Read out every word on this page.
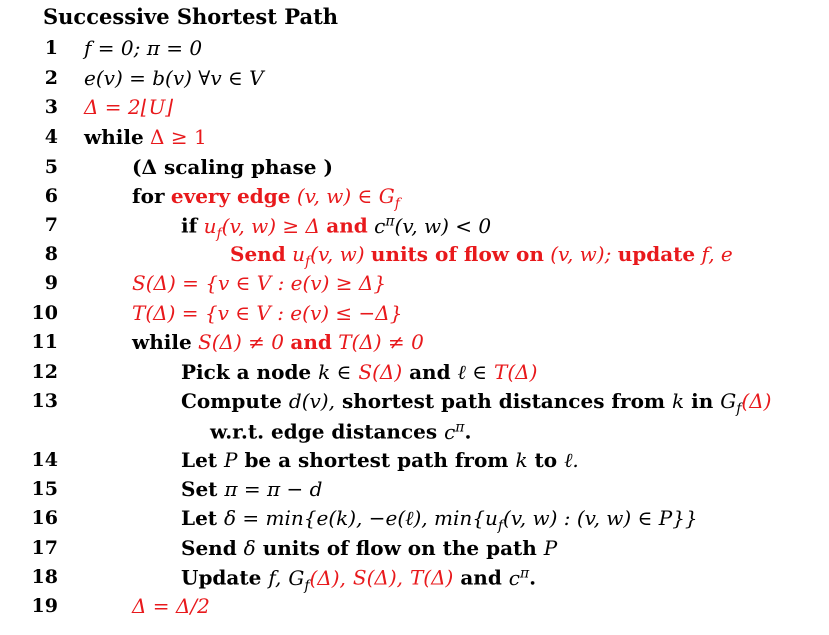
Successive Shortest Path
1
2
3
4
5
6
7
8
9
10
11
12
13
14
15
16
17
18
19
f = 0; π = 0
e(v) = b(v) ∀v ∈ V
Δ = 2⌊U⌋
while Δ ≥ 1
(Δ scaling phase )
for every edge (v, w) ∈ $G_f$
if $u_f(v$, w) ≥ Δ and $c^\pi(v$, w) < 0
Send $u_f(v$, w) units of flow on (v, w); update f, e
S(Δ) = {v ∈ V : e(v) ≥ Δ}
T(Δ) = {v ∈ V : e(v) ≤ −Δ}
while S(Δ) ≠ 0 and T(Δ) ≠ 0
Pick a node k ∈ S(Δ) and ℓ ∈ T(Δ)
Compute d(v), shortest path distances from k in $G_f(\Delta)$
w.r.t. edge distances $c^\pi$.
Let P be a shortest path from k to ℓ.
Set π = π − d
Let δ = min{e(k), −e(ℓ), $\min\{u_f(v$, w) : (v, w) ∈ P}}
Send δ units of flow on the path P
Update f, $G_f(\Delta)$, S(Δ), T(Δ) and $c^\pi$.
Δ = Δ/2
